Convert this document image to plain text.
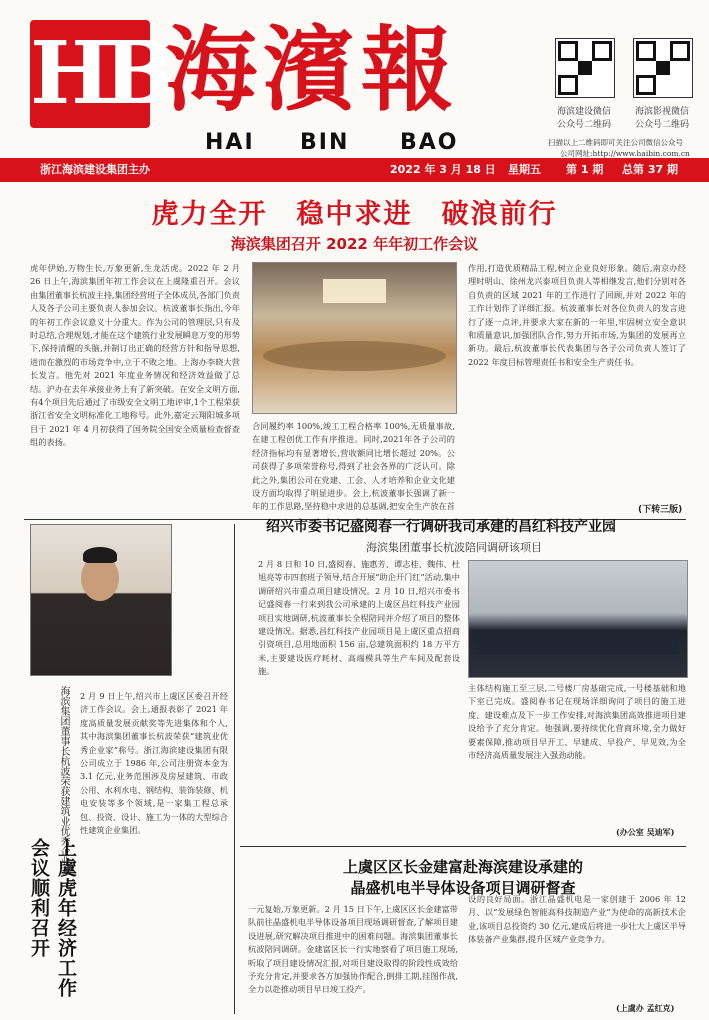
HB
海濱報
HAI BIN BAO
海滨建设微信
公众号二维码
海滨影视微信
公众号二维码
扫描以上二维码即可关注公司微信公众号
公司网址:http://www.haibin.com.cn
浙江海滨建设集团主办	2022 年 3 月 18 日 星期五 第 1 期 总第 37 期
虎力全开　稳中求进　破浪前行
海滨集团召开 2022 年年初工作会议
虎年伊始,万物生长,万象更新,生龙活虎。2022 年 2 月 26 日上午,海滨集团年初工作会议在上虞隆重召开。会议由集团董事长杭波主持,集团经营班子全体成员,各部门负责人及各子公司主要负责人参加会议。杭波董事长指出,今年的年初工作会议意义十分重大。作为公司的管理层,只有及时总结,合理规划,才能在这个建筑行业发展瞬息万变的形势下,保持清醒的头脑,并制订出正确的经营方针和指导思想,进而在激烈的市场竞争中,立于不败之地。上海办李晓大营长发言。他先对 2021 年度业务情况和经济效益做了总结。沪办在去年承接业务上有了新突破。在安全文明方面,有4个项目先后通过了市级安全文明工地评审,1个工程荣获浙江省安全文明标准化工地称号。此外,嘉定云翔阳城多项目于 2021 年 4 月初获得了国务院全国安全质量检查督查组的表扬。
合同履约率 100%,竣工工程合格率 100%,无质量事故,在建工程创优工作有序推进。同时,2021年各子公司的经济指标均有显著增长,营收额同比增长超过 20%。公司获得了多项荣誉称号,得到了社会各界的广泛认可。除此之外,集团公司在党建、工会、人才培养和企业文化建设方面均取得了明显进步。会上,杭波董事长强调了新一年的工作思路,坚持稳中求进的总基调,把安全生产放在首
作用,打造优质精品工程,树立企业良好形象。随后,南京办经理时明山、徐州龙兴泰项目负责人等相继发言,他们分别对各自负责的区域 2021 年的工作进行了回顾,并对 2022 年的工作计划作了详细汇报。杭波董事长对各位负责人的发言进行了逐一点评,并要求大家在新的一年里,牢固树立安全意识和质量意识,加强团队合作,努力开拓市场,为集团的发展再立新功。最后,杭波董事长代表集团与各子公司负责人签订了 2022 年度目标管理责任书和安全生产责任书。
(下转三版)
2 月 9 日上午,绍兴市上虞区区委召开经济工作会议。会上,通报表彰了 2021 年度高质量发展贡献奖等先进集体和个人,其中海滨集团董事长杭波荣获“建筑业优秀企业家”称号。浙江海滨建设集团有限公司成立于 1986 年,公司注册资本金为 3.1 亿元,业务范围涉及房屋建筑、市政公用、水利水电、钢结构、装饰装修、机电安装等多个领域,是一家集工程总承包、投资、设计、施工为一体的大型综合性建筑企业集团。
上虞虎年经济工作会议顺利召开
海滨集团董事长杭波荣获建筑业优秀企业家
绍兴市委书记盛阅春一行调研我司承建的昌红科技产业园
海滨集团董事长杭波陪同调研该项目
2 月 8 日和 10 日,盛阅春、施惠芳、谭志桂、魏伟、杜旭亮等市四套班子领导,结合开展“助企开门红”活动,集中调研绍兴市重点项目建设情况。2 月 10 日,绍兴市委书记盛阅春一行来到我公司承建的上虞区昌红科技产业园项目实地调研,杭波董事长全程陪同并介绍了项目的整体建设情况。据悉,昌红科技产业园项目是上虞区重点招商引资项目,总用地面积 156 亩,总建筑面积约 18 万平方米,主要建设医疗耗材、高端模具等生产车间及配套设施。
主体结构施工至三层,二号楼厂房基础完成,一号楼基础和地下室已完成。盛阅春书记在现场详细询问了项目的施工进度、建设难点及下一步工作安排,对海滨集团高效推进项目建设给予了充分肯定。他强调,要持续优化营商环境,全力做好要素保障,推动项目早开工、早建成、早投产、早见效,为全市经济高质量发展注入强劲动能。
(办公室 吴迪军)
上虞区区长金建富赴海滨建设承建的
晶盛机电半导体设备项目调研督查
一元复始,万象更新。2 月 15 日下午,上虞区区长金建富带队前往晶盛机电半导体设备项目现场调研督查,了解项目建设进展,研究解决项目推进中的困难问题。海滨集团董事长杭波陪同调研。金建富区长一行实地察看了项目施工现场,听取了项目建设情况汇报,对项目建设取得的阶段性成效给予充分肯定,并要求各方加强协作配合,倒排工期,挂图作战,全力以赴推动项目早日竣工投产。
设的良好局面。浙江晶盛机电是一家创建于 2006 年 12 月、以“发展绿色智能高科技制造产业”为使命的高新技术企业,该项目总投资约 30 亿元,建成后将进一步壮大上虞区半导体装备产业集群,提升区域产业竞争力。
(上虞办 孟红克)
